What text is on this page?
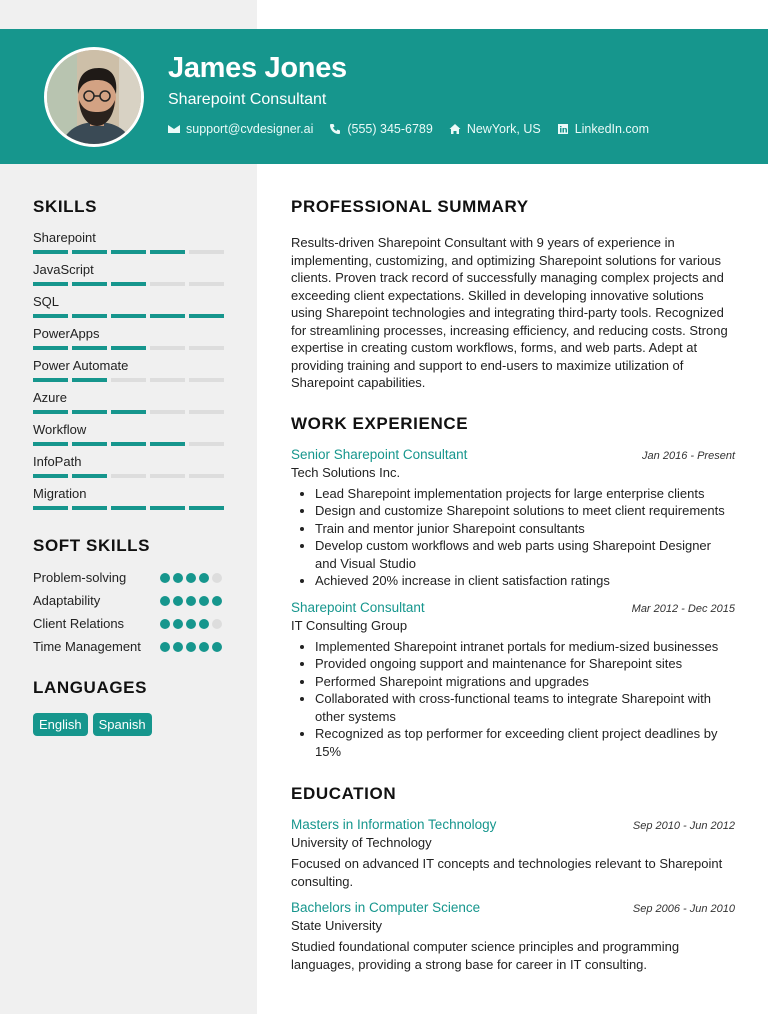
James Jones
Sharepoint Consultant
support@cvdesigner.ai	(555) 345-6789	NewYork, US	LinkedIn.com
SKILLS
Sharepoint
JavaScript
SQL
PowerApps
Power Automate
Azure
Workflow
InfoPath
Migration
SOFT SKILLS
Problem-solving
Adaptability
Client Relations
Time Management
LANGUAGES
English	Spanish
PROFESSIONAL SUMMARY

Results-driven Sharepoint Consultant with 9 years of experience in implementing, customizing, and optimizing Sharepoint solutions for various clients. Proven track record of successfully managing complex projects and exceeding client expectations. Skilled in developing innovative solutions using Sharepoint technologies and integrating third-party tools. Recognized for streamlining processes, increasing efficiency, and reducing costs. Strong expertise in creating custom workflows, forms, and web parts. Adept at providing training and support to end-users to maximize utilization of Sharepoint capabilities.

WORK EXPERIENCE
Senior Sharepoint Consultant	Jan 2016 - Present
Tech Solutions Inc.
• Lead Sharepoint implementation projects for large enterprise clients
• Design and customize Sharepoint solutions to meet client requirements
• Train and mentor junior Sharepoint consultants
• Develop custom workflows and web parts using Sharepoint Designer and Visual Studio
• Achieved 20% increase in client satisfaction ratings
Sharepoint Consultant	Mar 2012 - Dec 2015
IT Consulting Group
• Implemented Sharepoint intranet portals for medium-sized businesses
• Provided ongoing support and maintenance for Sharepoint sites
• Performed Sharepoint migrations and upgrades
• Collaborated with cross-functional teams to integrate Sharepoint with other systems
• Recognized as top performer for exceeding client project deadlines by 15%
EDUCATION
Masters in Information Technology	Sep 2010 - Jun 2012
University of Technology
Focused on advanced IT concepts and technologies relevant to Sharepoint consulting.
Bachelors in Computer Science	Sep 2006 - Jun 2010
State University
Studied foundational computer science principles and programming languages, providing a strong base for career in IT consulting.
